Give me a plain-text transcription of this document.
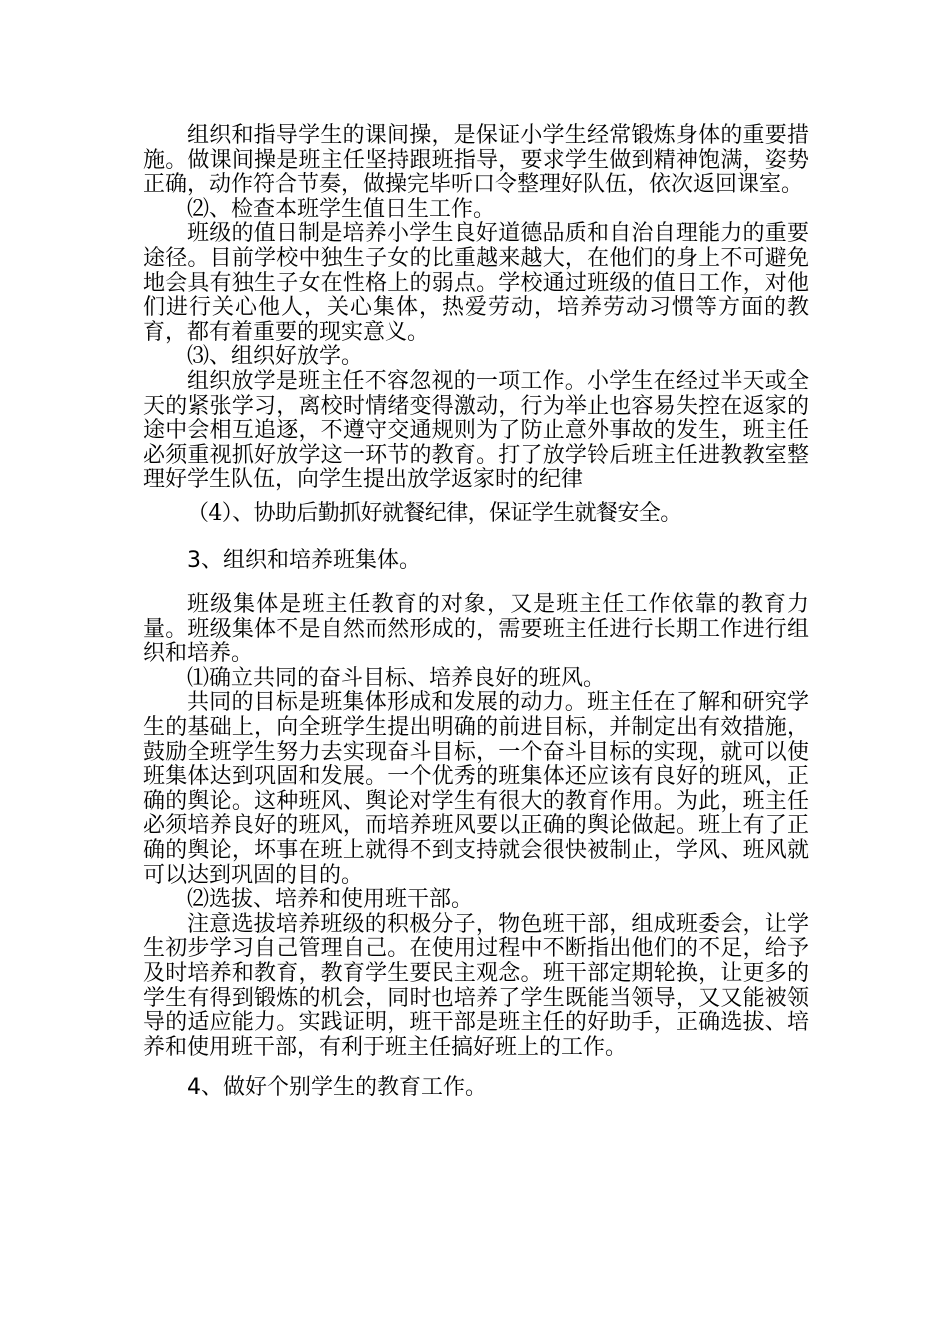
组织和指导学生的课间操，是保证小学生经常锻炼身体的重要措施。做课间操是班主任坚持跟班指导，要求学生做到精神饱满，姿势正确，动作符合节奏，做操完毕听口令整理好队伍，依次返回课室。

⑵、检查本班学生值日生工作。

班级的值日制是培养小学生良好道德品质和自治自理能力的重要途径。目前学校中独生子女的比重越来越大，在他们的身上不可避免地会具有独生子女在性格上的弱点。学校通过班级的值日工作，对他们进行关心他人，关心集体，热爱劳动，培养劳动习惯等方面的教育，都有着重要的现实意义。

⑶、组织好放学。

组织放学是班主任不容忽视的一项工作。小学生在经过半天或全天的紧张学习，离校时情绪变得激动，行为举止也容易失控在返家的途中会相互追逐，不遵守交通规则为了防止意外事故的发生，班主任必须重视抓好放学这一环节的教育。打了放学铃后班主任进教教室整理好学生队伍，向学生提出放学返家时的纪律

（4）、协助后勤抓好就餐纪律，保证学生就餐安全。

3、组织和培养班集体。

班级集体是班主任教育的对象，又是班主任工作依靠的教育力量。班级集体不是自然而然形成的，需要班主任进行长期工作进行组织和培养。

⑴确立共同的奋斗目标、培养良好的班风。

共同的目标是班集体形成和发展的动力。班主任在了解和研究学生的基础上，向全班学生提出明确的前进目标，并制定出有效措施，鼓励全班学生努力去实现奋斗目标，一个奋斗目标的实现，就可以使班集体达到巩固和发展。一个优秀的班集体还应该有良好的班风，正确的舆论。这种班风、舆论对学生有很大的教育作用。为此，班主任必须培养良好的班风，而培养班风要以正确的舆论做起。班上有了正确的舆论，坏事在班上就得不到支持就会很快被制止，学风、班风就可以达到巩固的目的。

⑵选拔、培养和使用班干部。

注意选拔培养班级的积极分子，物色班干部，组成班委会，让学生初步学习自己管理自己。在使用过程中不断指出他们的不足，给予及时培养和教育，教育学生要民主观念。班干部定期轮换，让更多的学生有得到锻炼的机会，同时也培养了学生既能当领导，又又能被领导的适应能力。实践证明，班干部是班主任的好助手，正确选拔、培养和使用班干部，有利于班主任搞好班上的工作。

4、做好个别学生的教育工作。
